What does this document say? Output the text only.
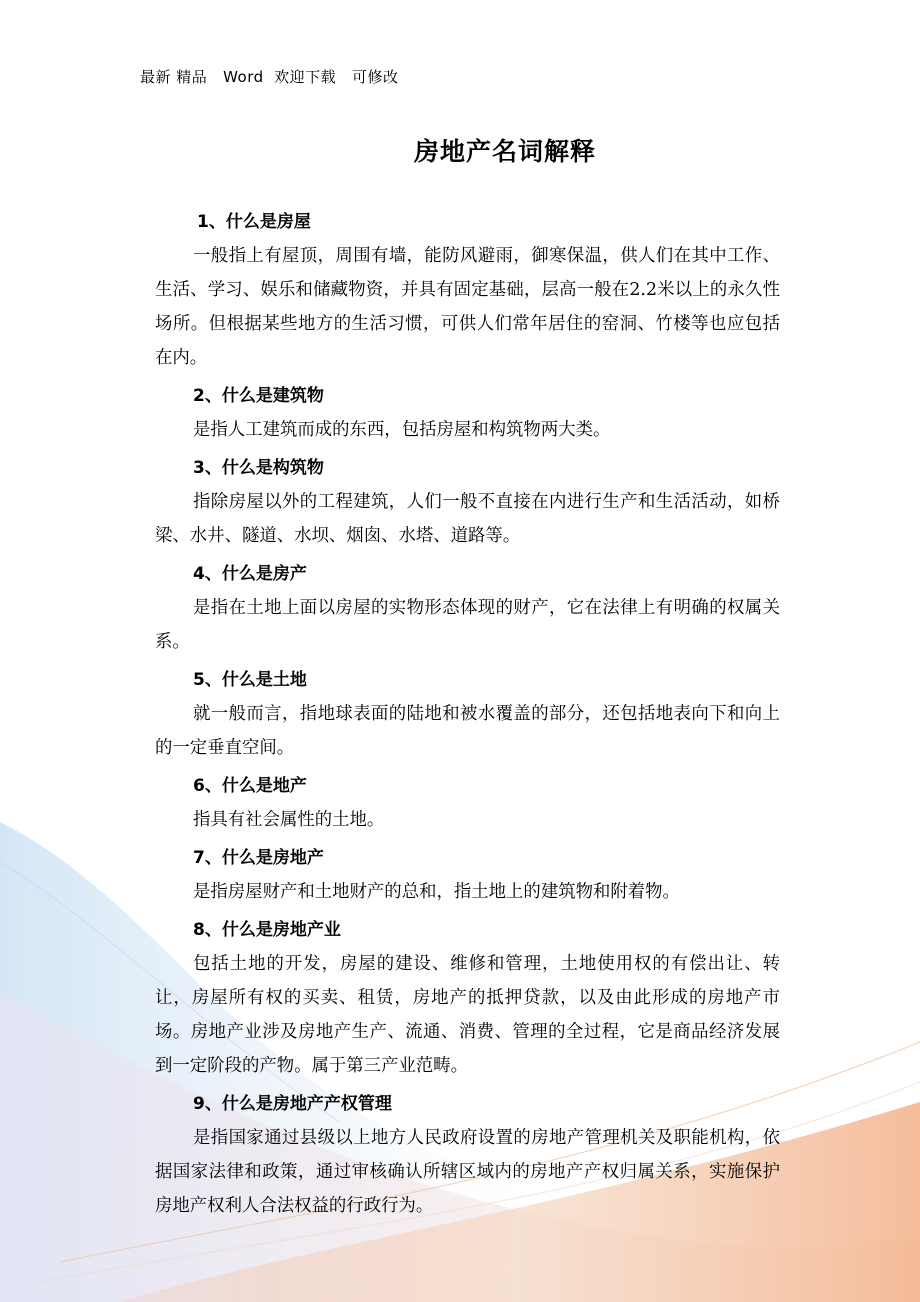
最新 精品   Word  欢迎下载   可修改
房地产名词解释
1、什么是房屋

一般指上有屋顶，周围有墙，能防风避雨，御寒保温，供人们在其中工作、生活、学习、娱乐和储藏物资，并具有固定基础，层高一般在2.2米以上的永久性场所。但根据某些地方的生活习惯，可供人们常年居住的窑洞、竹楼等也应包括在内。

2、什么是建筑物

是指人工建筑而成的东西，包括房屋和构筑物两大类。

3、什么是构筑物

指除房屋以外的工程建筑，人们一般不直接在内进行生产和生活活动，如桥梁、水井、隧道、水坝、烟囱、水塔、道路等。

4、什么是房产

是指在土地上面以房屋的实物形态体现的财产，它在法律上有明确的权属关系。

5、什么是土地

就一般而言，指地球表面的陆地和被水覆盖的部分，还包括地表向下和向上的一定垂直空间。

6、什么是地产

指具有社会属性的土地。

7、什么是房地产

是指房屋财产和土地财产的总和，指土地上的建筑物和附着物。

8、什么是房地产业

包括土地的开发，房屋的建设、维修和管理，土地使用权的有偿出让、转让，房屋所有权的买卖、租赁，房地产的抵押贷款，以及由此形成的房地产市场。房地产业涉及房地产生产、流通、消费、管理的全过程，它是商品经济发展到一定阶段的产物。属于第三产业范畴。

9、什么是房地产产权管理

是指国家通过县级以上地方人民政府设置的房地产管理机关及职能机构，依据国家法律和政策，通过审核确认所辖区域内的房地产产权归属关系，实施保护房地产权利人合法权益的行政行为。
